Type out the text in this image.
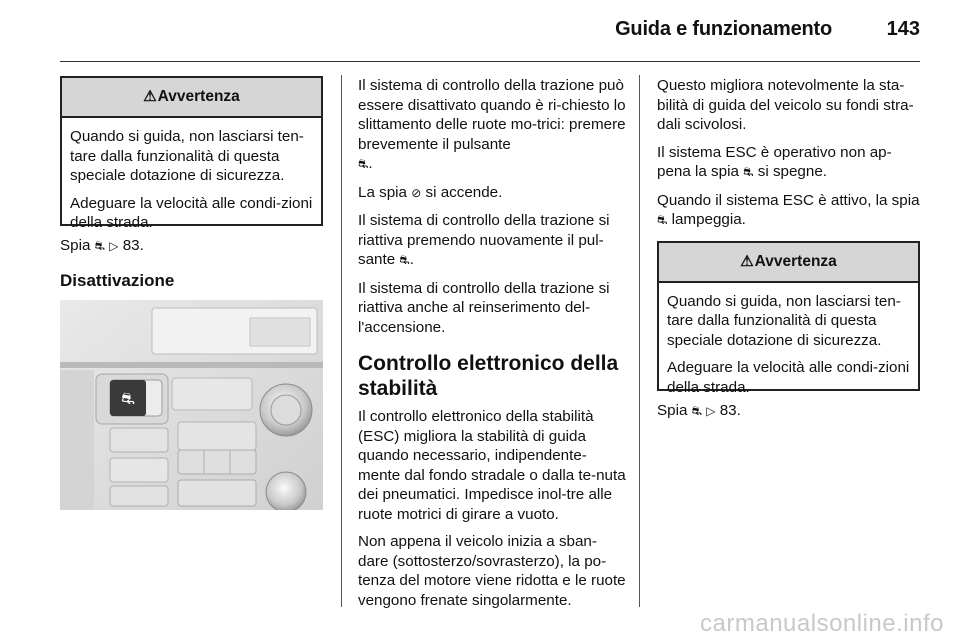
Guida e funzionamento	143
⚠Avvertenza

Quando si guida, non lasciarsi ten-tare dalla funzionalità di questa speciale dotazione di sicurezza.

Adeguare la velocità alle condi-zioni della strada.

Spia ⛐ ▷ 83.

Disattivazione

⛐

Il sistema di controllo della trazione può essere disattivato quando è ri-chiesto lo slittamento delle ruote mo-trici: premere brevemente il pulsante
⛐.

La spia ⊘ si accende.

Il sistema di controllo della trazione si riattiva premendo nuovamente il pul-sante ⛐.

Il sistema di controllo della trazione si riattiva anche al reinserimento del-l'accensione.

Controllo elettronico della stabilità

Il controllo elettronico della stabilità (ESC) migliora la stabilità di guida quando necessario, indipendente-mente dal fondo stradale o dalla te-nuta dei pneumatici. Impedisce inol-tre alle ruote motrici di girare a vuoto.

Non appena il veicolo inizia a sban-dare (sottosterzo/sovrasterzo), la po-tenza del motore viene ridotta e le ruote vengono frenate singolarmente.

Questo migliora notevolmente la sta-bilità di guida del veicolo su fondi stra-dali scivolosi.

Il sistema ESC è operativo non ap-pena la spia ⛐ si spegne.

Quando il sistema ESC è attivo, la spia ⛐ lampeggia.

⚠Avvertenza

Quando si guida, non lasciarsi ten-tare dalla funzionalità di questa speciale dotazione di sicurezza.

Adeguare la velocità alle condi-zioni della strada.

Spia ⛐ ▷ 83.

carmanualsonline.info
